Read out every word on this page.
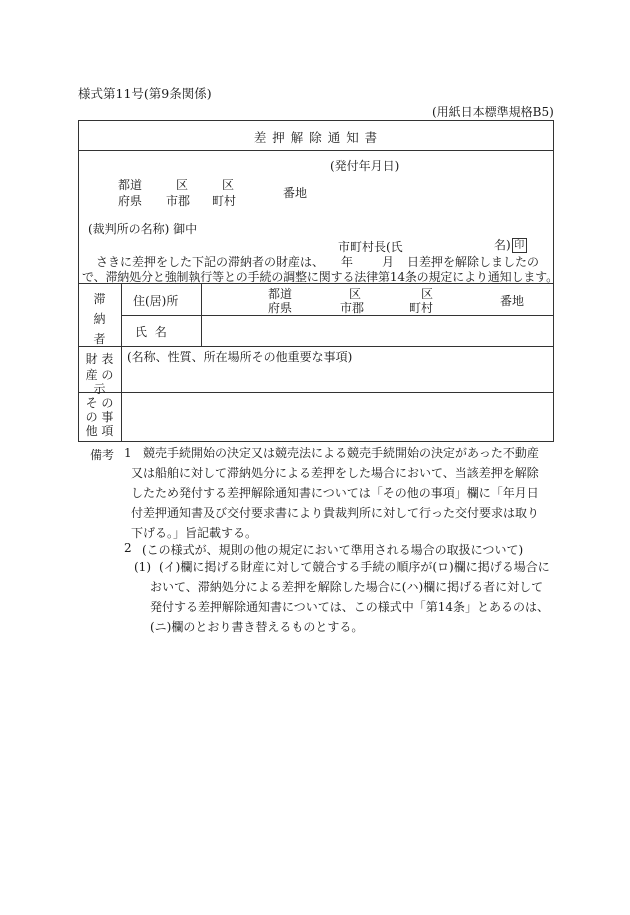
様式第11号(第9条関係)
(用紙日本標準規格B5)
差 押 解 除 通 知 書
(発付年月日)
都道
府県
区
市郡
区
町村
番地
(裁判所の名称) 御中
市町村長(氏	名) 印
さきに差押をした下記の滞納者の財産は、 年 月 日差押を解除しましたの
で、滞納処分と強制執行等との手続の調整に関する法律第14条の規定により通知します。
滞
納
者
住(居)所
氏 名
都道
府県
区
市郡
区
町村	番地
財 表
産 の 示
(名称、性質、所在場所その他重要な事項)
そ の
の 事
他 項
備考 1 競売手続開始の決定又は競売法による競売手続開始の決定があった不動産又は船舶に対して滞納処分による差押をした場合において、当該差押を解除したため発付する差押解除通知書については「その他の事項」欄に「年月日付差押通知書及び交付要求書により貴裁判所に対して行った交付要求は取り下げる。」旨記載する。
2 (この様式が、規則の他の規定において準用される場合の取扱について)
(1) (イ)欄に掲げる財産に対して競合する手続の順序が(ロ)欄に掲げる場合において、滞納処分による差押を解除した場合に(ハ)欄に掲げる者に対して発付する差押解除通知書については、この様式中「第14条」とあるのは、(ニ)欄のとおり書き替えるものとする。
